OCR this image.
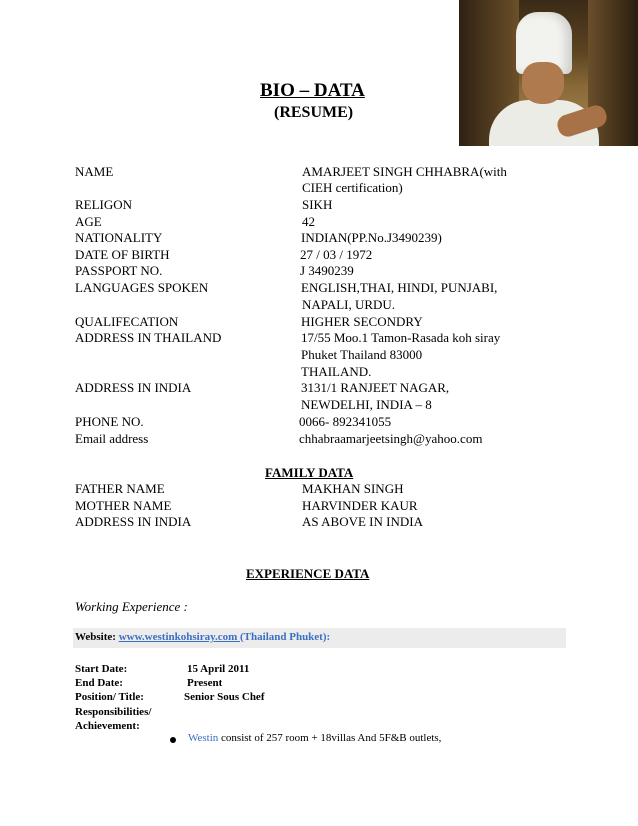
BIO – DATA
(RESUME)
NAME	AMARJEET SINGH CHHABRA(with
CIEH certification)
RELIGON	SIKH
AGE	42
NATIONALITY	INDIAN(PP.No.J3490239)
DATE OF BIRTH	27 / 03 / 1972
PASSPORT NO.	J 3490239
LANGUAGES SPOKEN	ENGLISH,THAI, HINDI, PUNJABI,
NAPALI, URDU.
QUALIFECATION	HIGHER SECONDRY
ADDRESS IN THAILAND	17/55 Moo.1 Tamon-Rasada koh siray
Phuket Thailand 83000
THAILAND.
ADDRESS IN INDIA	3131/1 RANJEET NAGAR,
NEWDELHI, INDIA – 8
PHONE NO.	0066- 892341055
Email address	chhabraamarjeetsingh@yahoo.com
FAMILY DATA
FATHER NAME	MAKHAN SINGH
MOTHER NAME	HARVINDER KAUR
ADDRESS IN INDIA	AS ABOVE IN INDIA
EXPERIENCE DATA
Working Experience :
Website: www.westinkohsiray.com (Thailand Phuket):
Start Date:	15 April 2011
End Date:	Present
Position/ Title:	Senior Sous Chef
Responsibilities/
Achievement:
Westin consist of 257 room + 18villas And 5F&B outlets,
